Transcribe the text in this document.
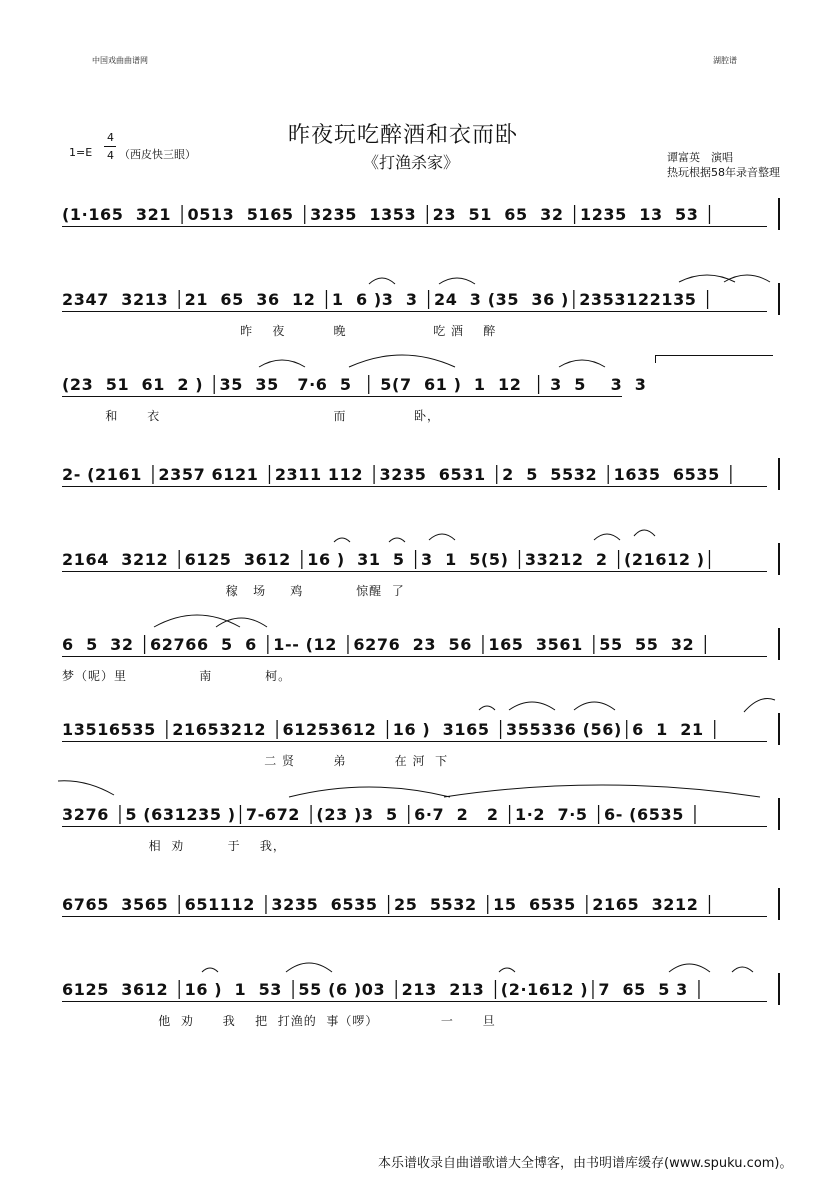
中国戏曲曲谱网	湖腔谱
昨夜玩吃醉酒和衣而卧
《打渔杀家》
1=E
4
4 （西皮快三眼）	谭富英　演唱
热玩根据58年录音整理
(1·165  321 │0513  5165 │3235  1353 │23  51  65  32 │1235  13  53 │
2347  3213 │21  65  36  12 │1  6 )3  3 │24  3 (35  36 )│2353122135 │
昨    夜          晚                  吃 酒    醉
(23  51  61  2 ) │35  35   7·6  5  │ 5(7  61 )  1  12  │ 3  5    3  3
和      衣                                    而              卧，
2- (2161 │2357 6121 │2311 112 │3235  6531 │2  5  5532 │1635  6535 │
2164  3212 │6125  3612 │16 )  31  5 │3  1  5(5) │33212  2 │(21612 )│
稼   场     鸡           惊醒  了
6  5  32 │62766  5  6 │1-- (12 │6276  23  56 │165  3561 │55  55  32 │
梦（呢）里               南           柯。
13516535 │21653212 │61253612 │16 )  3165 │355336 (56)│6  1  21 │
二 贤        弟          在 河  下
3276 │5 (631235 )│7-672 │(23 )3  5 │6·7  2   2 │1·2  7·5 │6- (6535 │
相  劝         于    我，
6765  3565 │651112 │3235  6535 │25  5532 │15  6535 │2165  3212 │
6125  3612 │16 )  1  53 │55 (6 )03 │213  213 │(2·1612 )│7  65  5 3 │
他  劝      我    把  打渔的  事（啰）             一      旦
本乐谱收录自曲谱歌谱大全博客，由书明谱库缓存(www.spuku.com)。
